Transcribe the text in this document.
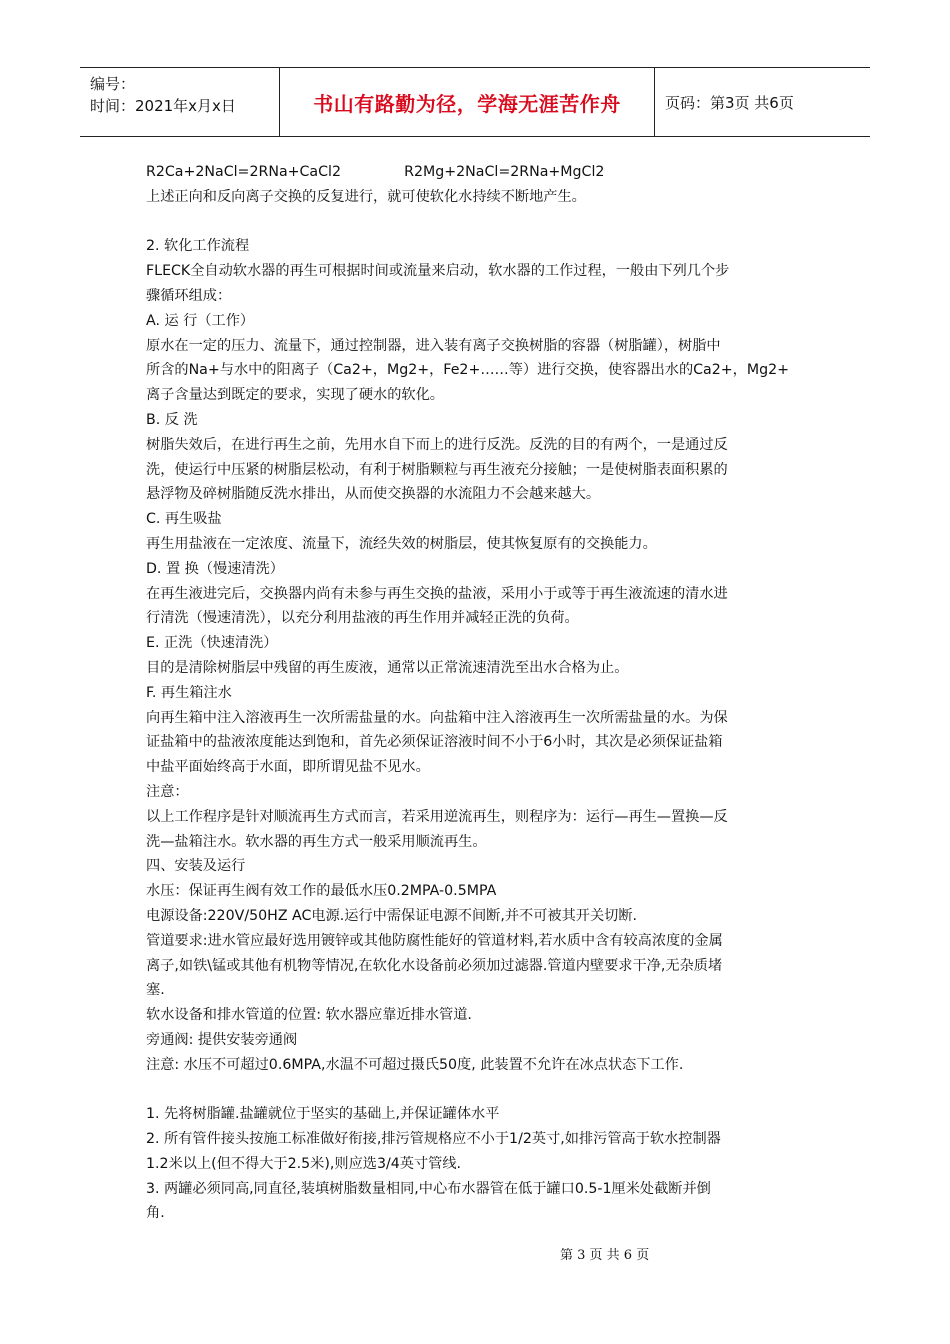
编号：
时间：2021年x月x日	书山有路勤为径，学海无涯苦作舟	页码：第3页 共6页

R2Ca+2NaCl=2RNa+CaCl2              R2Mg+2NaCl=2RNa+MgCl2

上述正向和反向离子交换的反复进行，就可使软化水持续不断地产生。

2. 软化工作流程

FLECK全自动软水器的再生可根据时间或流量来启动，软水器的工作过程，一般由下列几个步

骤循环组成：

A. 运 行（工作）

原水在一定的压力、流量下，通过控制器，进入装有离子交换树脂的容器（树脂罐），树脂中

所含的Na+与水中的阳离子（Ca2+，Mg2+，Fe2+……等）进行交换，使容器出水的Ca2+，Mg2+

离子含量达到既定的要求，实现了硬水的软化。

B. 反 洗

树脂失效后，在进行再生之前，先用水自下而上的进行反洗。反洗的目的有两个，一是通过反

洗，使运行中压紧的树脂层松动，有利于树脂颗粒与再生液充分接触；一是使树脂表面积累的

悬浮物及碎树脂随反洗水排出，从而使交换器的水流阻力不会越来越大。

C. 再生吸盐

再生用盐液在一定浓度、流量下，流经失效的树脂层，使其恢复原有的交换能力。

D. 置 换（慢速清洗）

在再生液进完后，交换器内尚有未参与再生交换的盐液，采用小于或等于再生液流速的清水进

行清洗（慢速清洗），以充分利用盐液的再生作用并减轻正洗的负荷。

E. 正洗（快速清洗）

目的是清除树脂层中残留的再生废液，通常以正常流速清洗至出水合格为止。

F. 再生箱注水

向再生箱中注入溶液再生一次所需盐量的水。向盐箱中注入溶液再生一次所需盐量的水。为保

证盐箱中的盐液浓度能达到饱和，首先必须保证溶液时间不小于6小时，其次是必须保证盐箱

中盐平面始终高于水面，即所谓见盐不见水。

注意：

以上工作程序是针对顺流再生方式而言，若采用逆流再生，则程序为：运行—再生—置换—反

洗—盐箱注水。软水器的再生方式一般采用顺流再生。

四、安装及运行

水压：保证再生阀有效工作的最低水压0.2MPA-0.5MPA

电源设备:220V/50HZ AC电源.运行中需保证电源不间断,并不可被其开关切断.

管道要求:进水管应最好选用镀锌或其他防腐性能好的管道材料,若水质中含有较高浓度的金属

离子,如铁\锰或其他有机物等情况,在软化水设备前必须加过滤器.管道内壁要求干净,无杂质堵

塞.

软水设备和排水管道的位置: 软水器应靠近排水管道.

旁通阀: 提供安装旁通阀

注意: 水压不可超过0.6MPA,水温不可超过摄氏50度, 此装置不允许在冰点状态下工作.

1. 先将树脂罐.盐罐就位于坚实的基础上,并保证罐体水平

2. 所有管件接头按施工标准做好衔接,排污管规格应不小于1/2英寸,如排污管高于软水控制器

1.2米以上(但不得大于2.5米),则应选3/4英寸管线.

3. 两罐必须同高,同直径,装填树脂数量相同,中心布水器管在低于罐口0.5-1厘米处截断并倒

角.

第 3 页 共 6 页
